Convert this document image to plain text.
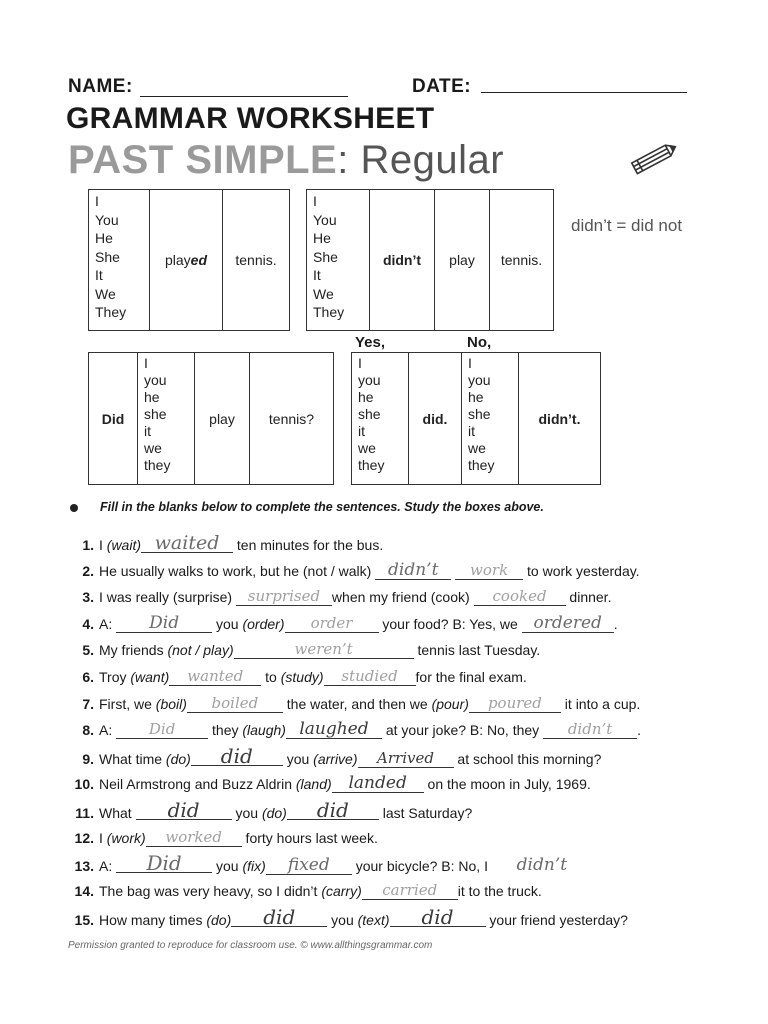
NAME:	DATE:
GRAMMAR WORKSHEET
PAST SIMPLE: Regular
I
You
He
She
It
We
They
	played	tennis.
I
You
He
She
It
We
They
	didn’t	play	tennis.
didn’t = did not
Did	
I
you
he
she
it
we
they
	play	tennis?
Yes,	No,
I
you
he
she
it
we
they
	did.	
I
you
he
she
it
we
they
	didn’t.
Fill in the blanks below to complete the sentences. Study the boxes above.
1. I (wait) waited ten minutes for the bus.
2. He usually walks to work, but he (not / walk) didn’t work to work yesterday.
3. I was really (surprise) surprised when my friend (cook) cooked dinner.
4. A: Did you (order) order your food? B: Yes, we ordered .
5. My friends (not / play)	weren’t	tennis last Tuesday.
6. Troy (want) wanted to (study) studied for the final exam.
7. First, we (boil) boiled the water, and then we (pour) poured it into a cup.
8. A: Did they (laugh) laughed at your joke? B: No, they didn’t .
9. What time (do) did you (arrive) Arrived at school this morning?
10. Neil Armstrong and Buzz Aldrin (land) landed on the moon in July, 1969.
11. What did you (do) did last Saturday?
12. I (work) worked forty hours last week.
13. A: Did you (fix) fixed your bicycle? B: No, I didn’t
14. The bag was very heavy, so I didn’t (carry) carried it to the truck.
15. How many times (do) did you (text) did your friend yesterday?
Permission granted to reproduce for classroom use. © www.allthingsgrammar.com
